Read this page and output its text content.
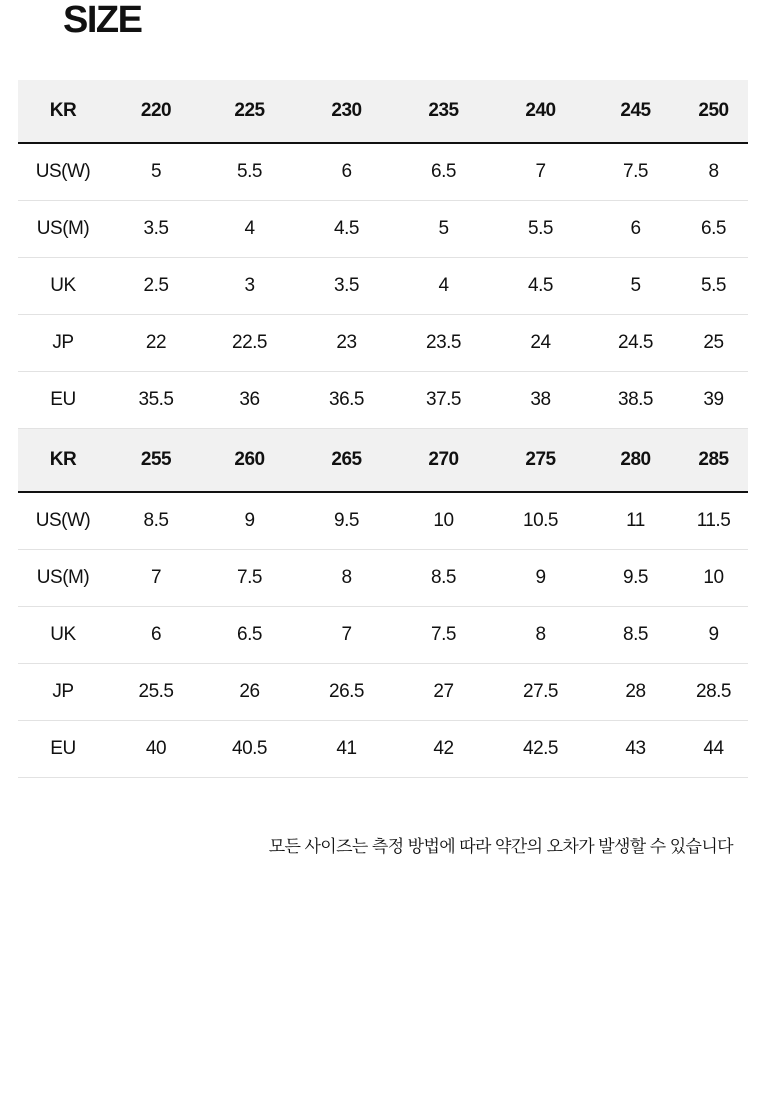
SIZE
KR	220	225	230	235	240	245	250
US(W)	5	5.5	6	6.5	7	7.5	8
US(M)	3.5	4	4.5	5	5.5	6	6.5
UK	2.5	3	3.5	4	4.5	5	5.5
JP	22	22.5	23	23.5	24	24.5	25
EU	35.5	36	36.5	37.5	38	38.5	39
KR	255	260	265	270	275	280	285
US(W)	8.5	9	9.5	10	10.5	11	11.5
US(M)	7	7.5	8	8.5	9	9.5	10
UK	6	6.5	7	7.5	8	8.5	9
JP	25.5	26	26.5	27	27.5	28	28.5
EU	40	40.5	41	42	42.5	43	44
모든 사이즈는 측정 방법에 따라 약간의 오차가 발생할 수 있습니다
